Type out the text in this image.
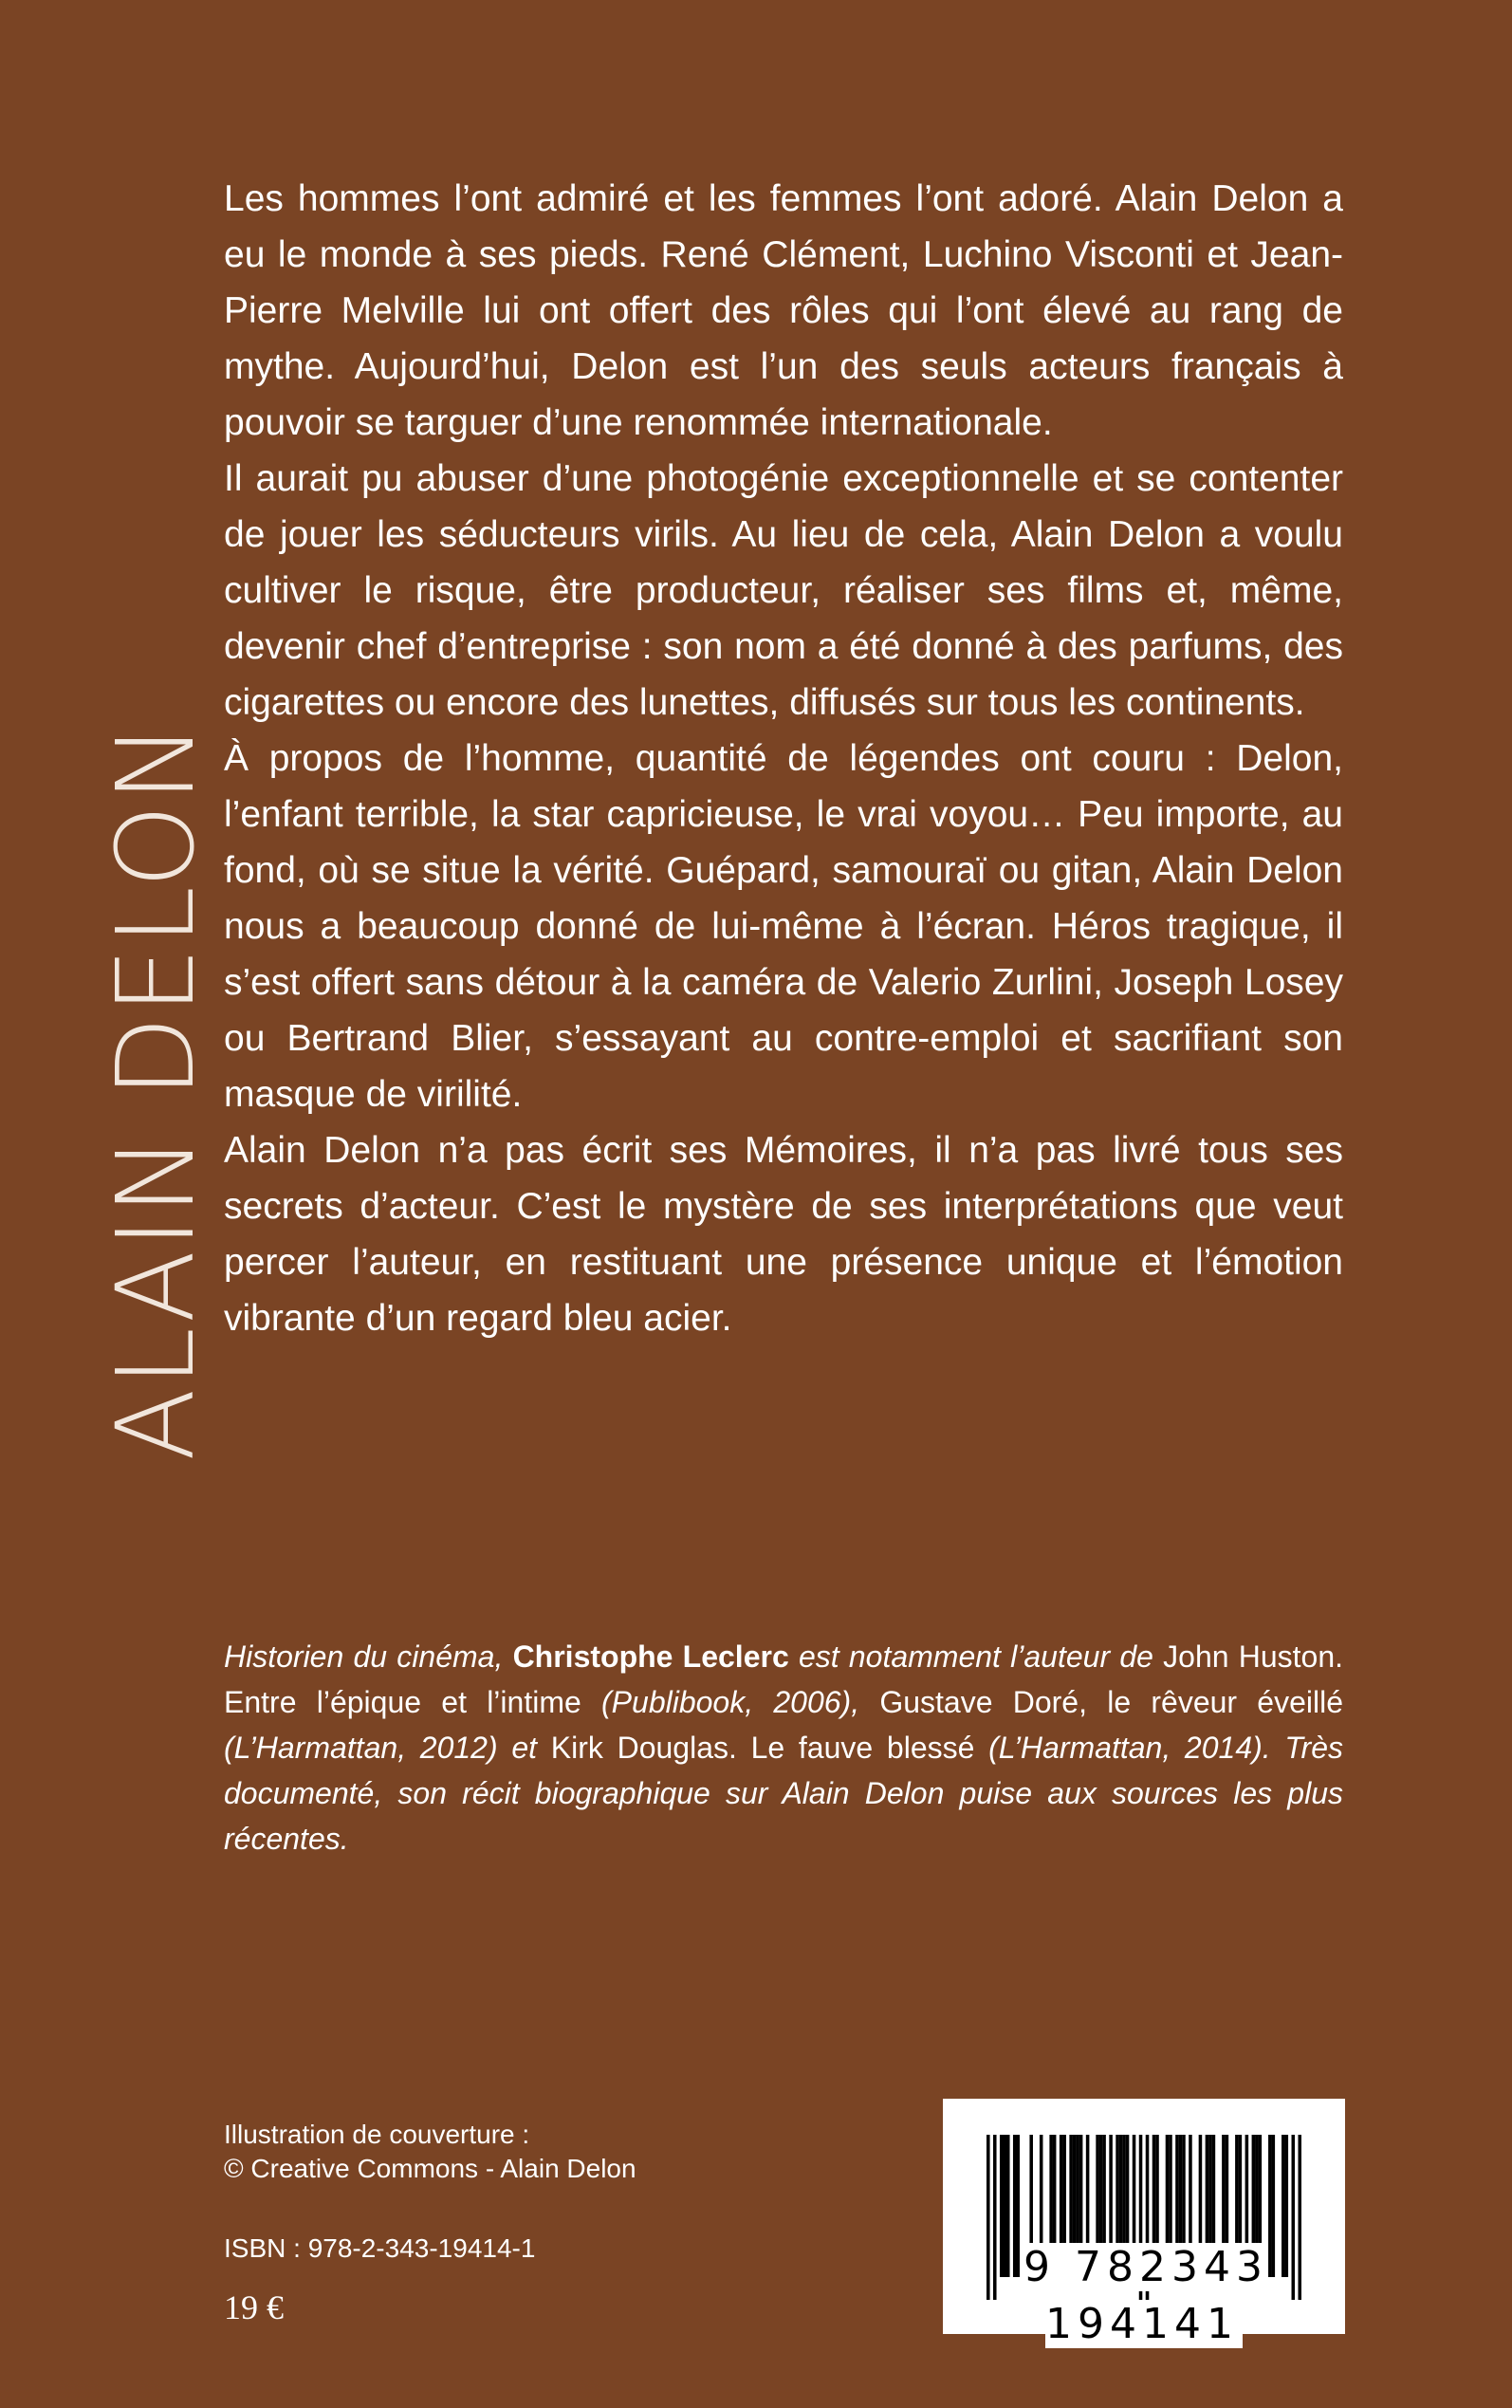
ALAIN DELON

Les hommes l’ont admiré et les femmes l’ont adoré. Alain Delon a eu le monde à ses pieds. René Clément, Luchino Visconti et Jean-Pierre Melville lui ont offert des rôles qui l’ont élevé au rang de mythe. Aujourd’hui, Delon est l’un des seuls acteurs français à pouvoir se targuer d’une renommée internationale.

Il aurait pu abuser d’une photogénie exceptionnelle et se contenter de jouer les séducteurs virils. Au lieu de cela, Alain Delon a voulu cultiver le risque, être producteur, réaliser ses films et, même, devenir chef d’entreprise : son nom a été donné à des parfums, des cigarettes ou encore des lunettes, diffusés sur tous les continents.

À propos de l’homme, quantité de légendes ont couru : Delon, l’enfant terrible, la star capricieuse, le vrai voyou… Peu importe, au fond, où se situe la vérité. Guépard, samouraï ou gitan, Alain Delon nous a beaucoup donné de lui-même à l’écran. Héros tragique, il s’est offert sans détour à la caméra de Valerio Zurlini, Joseph Losey ou Bertrand Blier, s’essayant au contre-emploi et sacrifiant son masque de virilité.

Alain Delon n’a pas écrit ses Mémoires, il n’a pas livré tous ses secrets d’acteur. C’est le mystère de ses interprétations que veut percer l’auteur, en restituant une présence unique et l’émotion vibrante d’un regard bleu acier.

Historien du cinéma, Christophe Leclerc est notamment l’auteur de John Huston. Entre l’épique et l’intime (Publibook, 2006), Gustave Doré, le rêveur éveillé (L’Harmattan, 2012) et Kirk Douglas. Le fauve blessé (L’Harmattan, 2014). Très documenté, son récit biographique sur Alain Delon puise aux sources les plus récentes.

Illustration de couverture :
© Creative Commons - Alain Delon
ISBN : 978-2-343-19414-1
19 €
9 782343 194141
